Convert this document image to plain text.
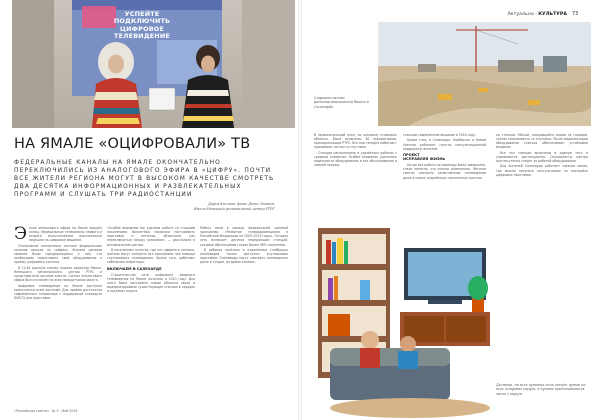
УСПЕЙТЕ
ПОДКЛЮЧИТЬ
ЦИФРОВОЕ
ТЕЛЕВИДЕНИЕ
НА ЯМАЛЕ «ОЦИФРОВАЛИ» ТВ
ФЕДЕРАЛЬНЫЕ КАНАЛЫ НА ЯМАЛЕ ОКОНЧАТЕЛЬНО
ПЕРЕКЛЮЧИЛИСЬ ИЗ АНАЛОГОВОГО ЭФИРА В «ЦИФРУ». ПОЧТИ
ВСЕ ЖИТЕЛИ РЕГИОНА МОГУТ В ВЫСОКОМ КАЧЕСТВЕ СМОТРЕТЬ
ДВА ДЕСЯТКА ИНФОРМАЦИОННЫХ И РАЗВЛЕКАТЕЛЬНЫХ
ПРОГРАММ И СЛУШАТЬ ТРИ РАДИОСТАНЦИИ
Дарья Кислова, фото Денис Хамзин,
Ямало-Ненецкий региональный центр РТРС

Эпохе аналогового эфира на Ямале пришёл конец. Федеральные телеканалы первого и второго мультиплексов окончательно перешли на цифровое вещание.

Отключение аналогового сигнала федеральных каналов прошло по графику. Жители региона заранее были предупреждены о том, что необходимо подготовить своё оборудование к приёму цифрового сигнала.

В 11:44 красную кнопку нажали директор Ямало-Ненецкого регионального центра РТРС и представители органов власти. Сигнал аналогового эфира был отключён на всех передатчиках округа.

Цифровое телевидение на Ямале доступно практически всем жителям. Для приёма достаточно современного телевизора с поддержкой стандарта DVB-T2 или приставки.

«Особое внимание мы уделяли работе со старшим поколением. Волонтёры помогали настраивать приставки и антенны, объясняли, как переключаться между каналами», — рассказали в региональном центре.

В населённых пунктах, где нет эфирного сигнала, жители могут смотреть все программы при помощи спутникового телевидения. Кроме того, работают кабельные операторы.

ВКЛЮЧАЕМ В САЛЕХАРДЕ

Строительство сети цифрового эфирного телевидения на Ямале началось в 2010 году. Для этого были построены новые объекты связи и модернизированы существующие станции в городах и посёлках округа.

Работу вели в рамках федеральной целевой программы «Развитие телерадиовещания в Российской Федерации на 2009–2015 годы». Сегодня сеть включает десятки передающих станций, которые обеспечивают охват более 98% населения.

В рабочих посёлках и отдалённых стойбищах оленеводов также доступны спутниковые приставки. Оленеводы могут смотреть телевидение даже в тундре, во время кочёвок.

«Российская газета» · № 5 · Май 2019
Актуально · КУЛЬТУРА 73
Строительство радиотелевизионной башни в Салехарде.

В первоначальный план, по которому строились объекты, были включены 26 передатчиков, принадлежащих РТРС. Все они сегодня работают, принимают сигнал со спутника.

Станции расположены в удалённых районах с суровым климатом. Особое внимание уделялось надёжности оборудования и его обслуживанию в зимний период.

станцию современное вещание в 2018 году.

Кроме того, в Салехарде, Ноябрьске и Новом Уренгое работают пункты консультационной поддержки жителей.

ПРОЕКТ
ИСПРАВЛЯЯ ЖИЗНЬ

Когда вся работа по переходу была завершена, стало понятно, что многое изменилось. Жители смогли смотреть качественное телевидение даже в самых отдалённых населённых пунктах.

на станции Обской, находящейся рядом за городом, сигнал принимается со спутника. После модернизации оборудования станция обеспечивает устойчивое вещание.

Все эти станции включены в единую сеть и управляются дистанционно. Специалисты центра круглосуточно следят за работой оборудования.

Для жителей Салехарда работает горячая линия, где можно получить консультацию по настройке цифровых приставок.

Десятки, на всех пунктах доли отчёт пункт на всех островах округа, в пункте представителя мест с округа.
